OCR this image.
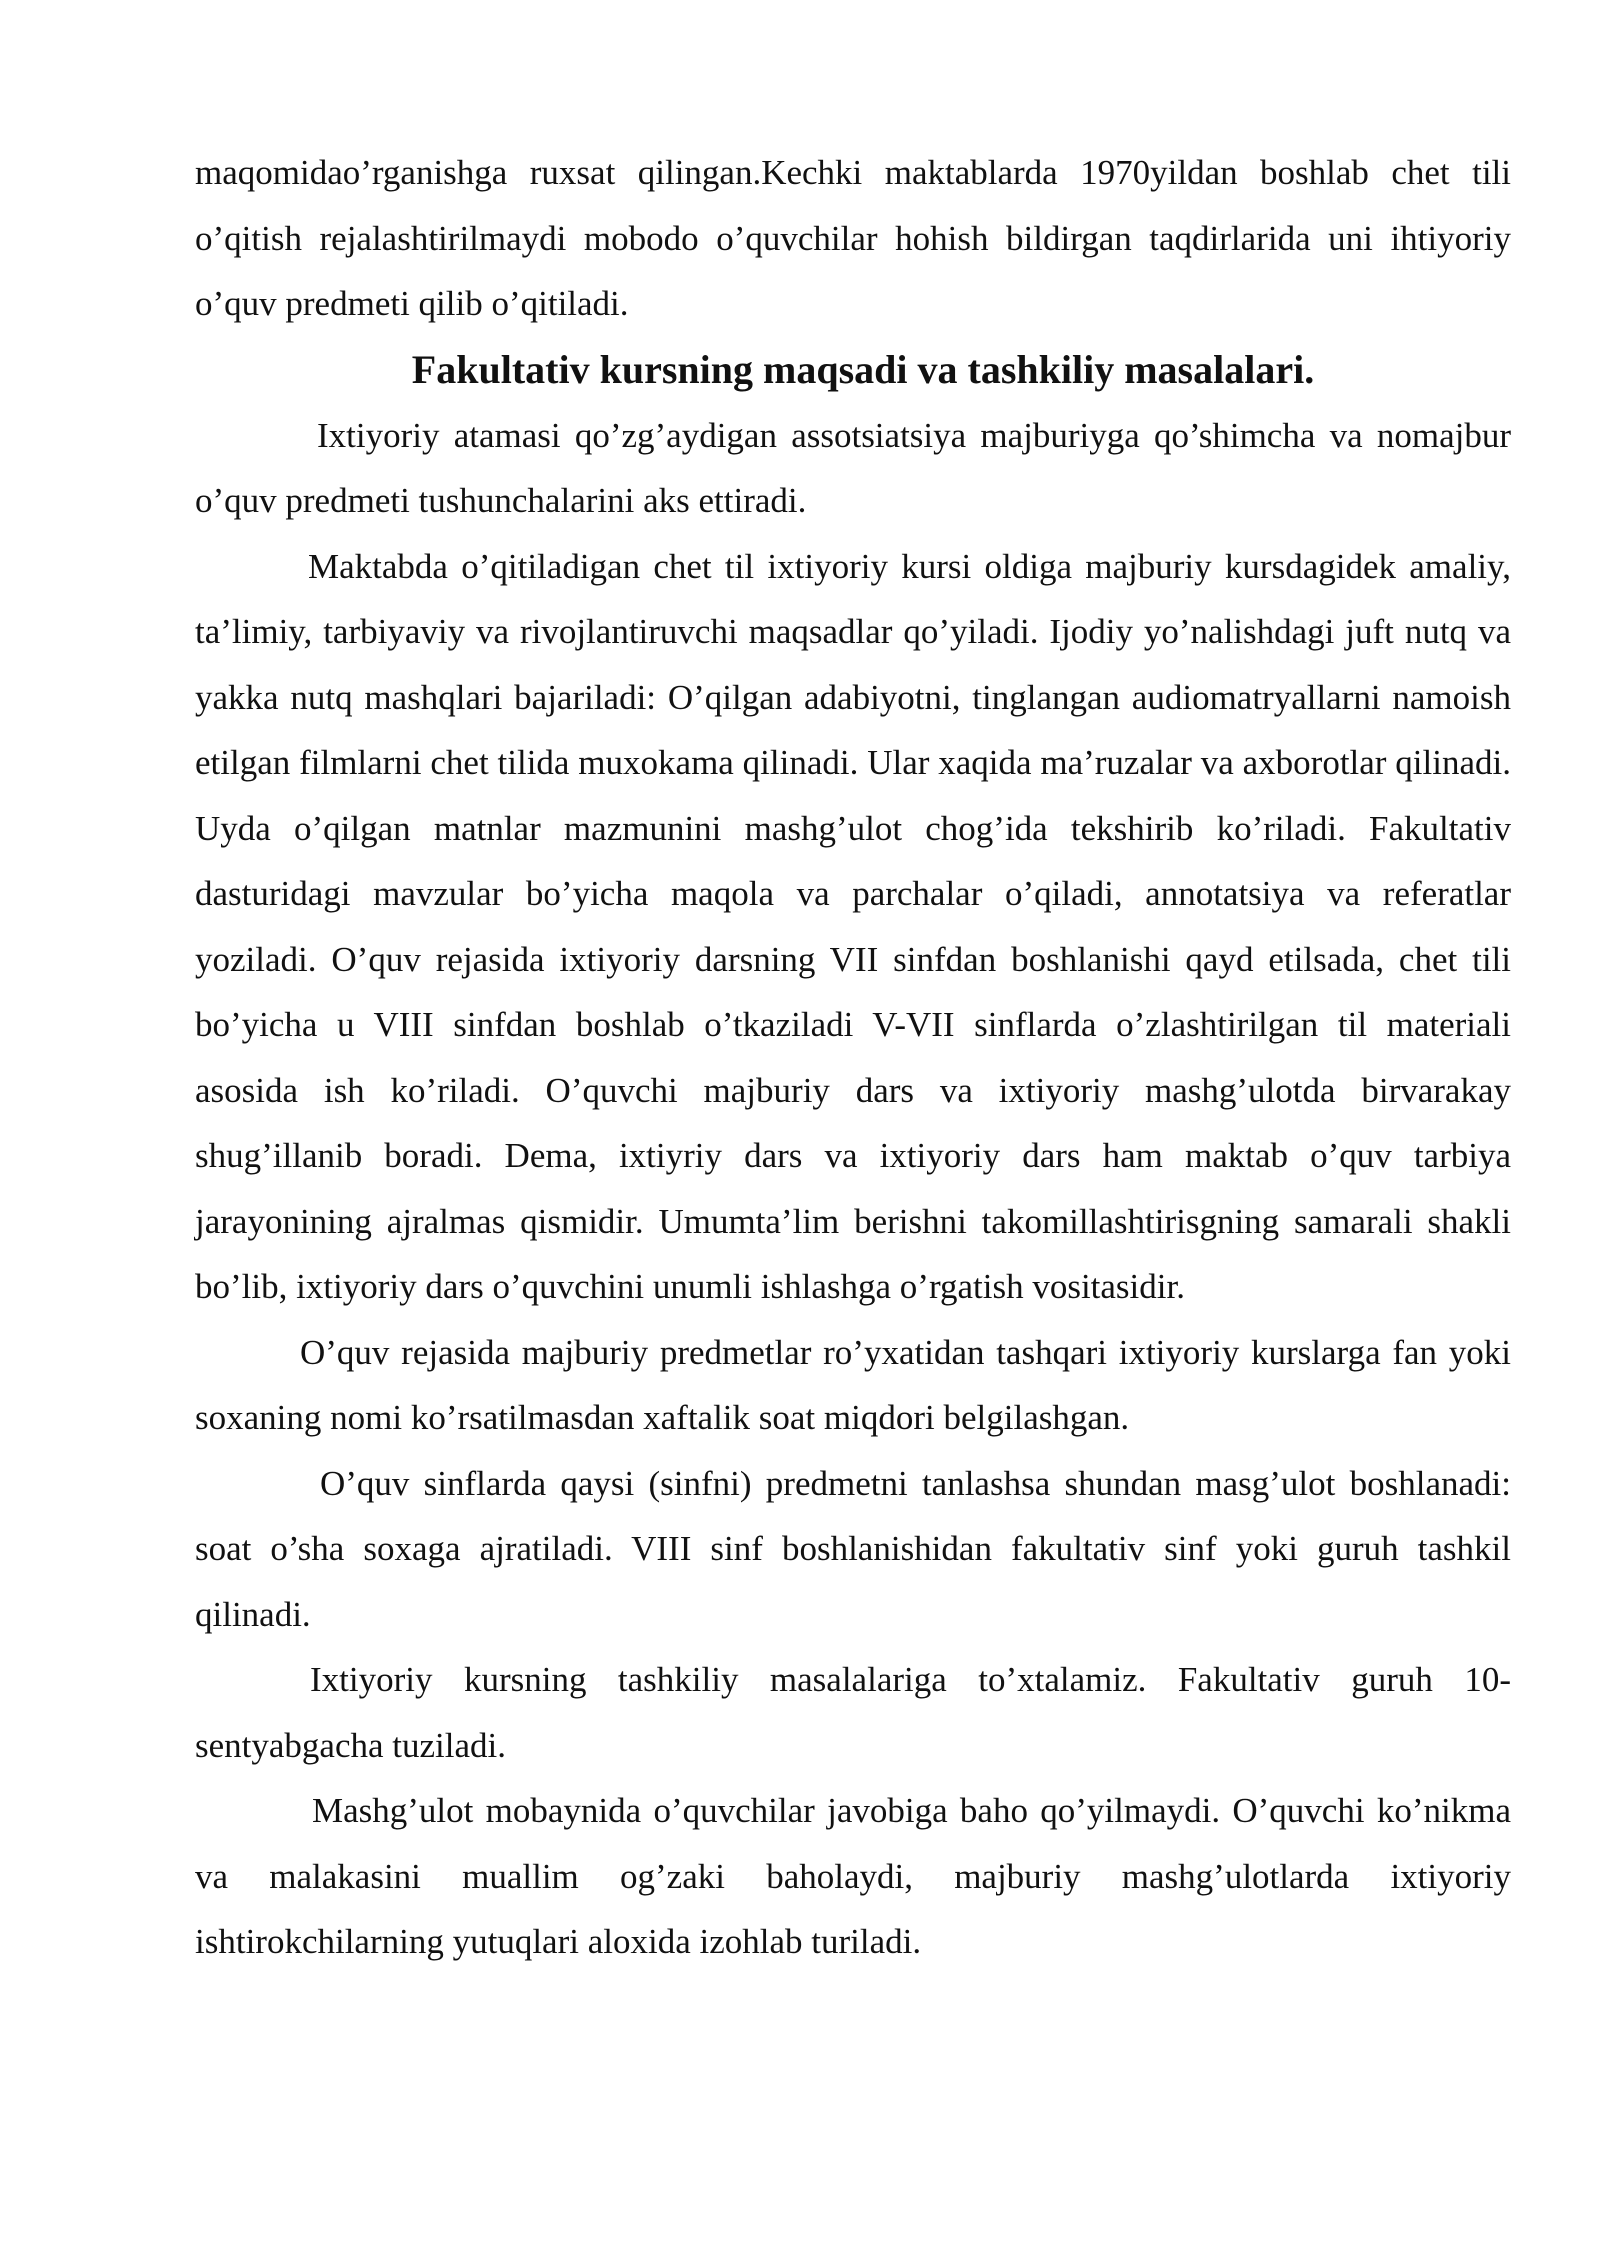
maqomidao’rganishga ruxsat qilingan.Kechki maktablarda 1970yildan boshlab chet tili o’qitish rejalashtirilmaydi mobodo o’quvchilar hohish bildirgan taqdirlarida uni ihtiyoriy o’quv predmeti qilib o’qitiladi.

Fakultativ kursning maqsadi va tashkiliy masalalari.

Ixtiyoriy atamasi qo’zg’aydigan assotsiatsiya majburiyga qo’shimcha va nomajbur o’quv predmeti tushunchalarini aks ettiradi.

Maktabda o’qitiladigan chet til ixtiyoriy kursi oldiga majburiy kursdagidek amaliy, ta’limiy, tarbiyaviy va rivojlantiruvchi maqsadlar qo’yiladi. Ijodiy yo’nalishdagi juft nutq va yakka nutq mashqlari bajariladi: O’qilgan adabiyotni, tinglangan audiomatryallarni namoish etilgan filmlarni chet tilida muxokama qilinadi. Ular xaqida ma’ruzalar va axborotlar qilinadi. Uyda o’qilgan matnlar mazmunini mashg’ulot chog’ida tekshirib ko’riladi. Fakultativ dasturidagi mavzular bo’yicha maqola va parchalar o’qiladi, annotatsiya va referatlar yoziladi. O’quv rejasida ixtiyoriy darsning VII sinfdan boshlanishi qayd etilsada, chet tili bo’yicha u VIII sinfdan boshlab o’tkaziladi V-VII sinflarda o’zlashtirilgan til materiali asosida ish ko’riladi. O’quvchi majburiy dars va ixtiyoriy mashg’ulotda birvarakay shug’illanib boradi. Dema, ixtiyriy dars va ixtiyoriy dars ham maktab o’quv tarbiya jarayonining ajralmas qismidir. Umumta’lim berishni takomillashtirisgning samarali shakli bo’lib, ixtiyoriy dars o’quvchini unumli ishlashga o’rgatish vositasidir.

O’quv rejasida majburiy predmetlar ro’yxatidan tashqari ixtiyoriy kurslarga fan yoki soxaning nomi ko’rsatilmasdan xaftalik soat miqdori belgilashgan.

O’quv sinflarda qaysi (sinfni) predmetni tanlashsa shundan masg’ulot boshlanadi: soat o’sha soxaga ajratiladi. VIII sinf boshlanishidan fakultativ sinf yoki guruh tashkil qilinadi.

Ixtiyoriy kursning tashkiliy masalalariga to’xtalamiz. Fakultativ guruh 10-sentyabgacha tuziladi.

Mashg’ulot mobaynida o’quvchilar javobiga baho qo’yilmaydi. O’quvchi ko’nikma va malakasini muallim og’zaki baholaydi, majburiy mashg’ulotlarda ixtiyoriy ishtirokchilarning yutuqlari aloxida izohlab turiladi.
